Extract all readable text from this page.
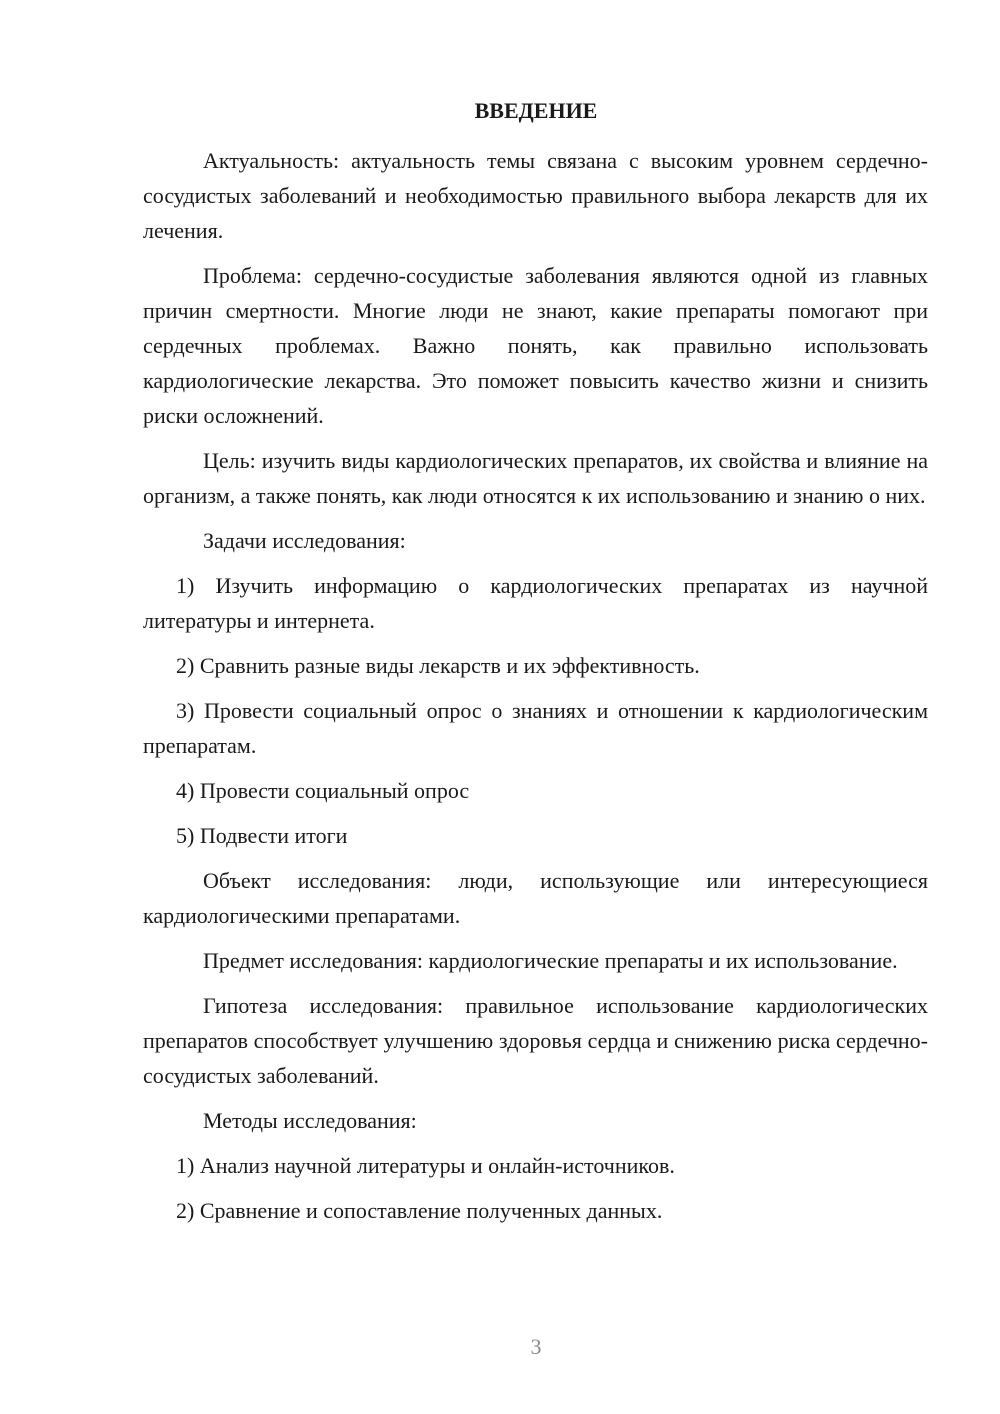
ВВЕДЕНИЕ

Актуальность: актуальность темы связана с высоким уровнем сердечно-сосудистых заболеваний и необходимостью правильного выбора лекарств для их лечения.

Проблема: сердечно-сосудистые заболевания являются одной из главных причин смертности. Многие люди не знают, какие препараты помогают при сердечных проблемах. Важно понять, как правильно использовать кардиологические лекарства. Это поможет повысить качество жизни и снизить риски осложнений.

Цель: изучить виды кардиологических препаратов, их свойства и влияние на организм, а также понять, как люди относятся к их использованию и знанию о них.

Задачи исследования:

1) Изучить информацию о кардиологических препаратах из научной литературы и интернета.

2) Сравнить разные виды лекарств и их эффективность.

3) Провести социальный опрос о знаниях и отношении к кардиологическим препаратам.

4) Провести социальный опрос

5) Подвести итоги

Объект исследования: люди, использующие или интересующиеся кардиологическими препаратами.

Предмет исследования: кардиологические препараты и их использование.

Гипотеза исследования: правильное использование кардиологических препаратов способствует улучшению здоровья сердца и снижению риска сердечно-сосудистых заболеваний.

Методы исследования:

1) Анализ научной литературы и онлайн-источников.

2) Сравнение и сопоставление полученных данных.

3
